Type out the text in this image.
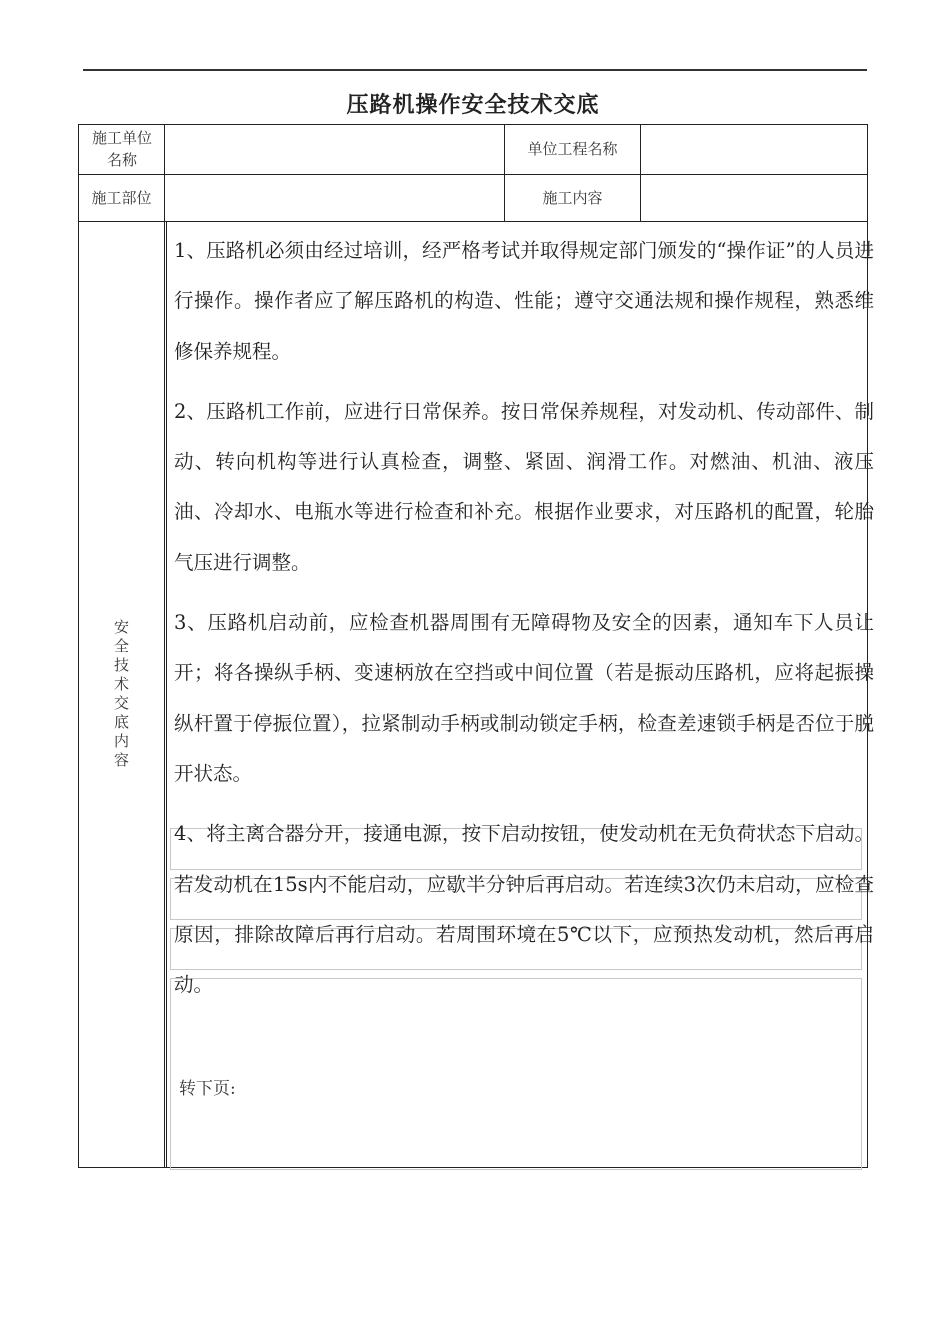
压路机操作安全技术交底
施工单位名称
单位工程名称
施工部位	施工内容
安全技术交底内容

1、压路机必须由经过培训，经严格考试并取得规定部门颁发的“操作证”的人员进行操作。操作者应了解压路机的构造、性能；遵守交通法规和操作规程，熟悉维修保养规程。

2、压路机工作前，应进行日常保养。按日常保养规程，对发动机、传动部件、制动、转向机构等进行认真检查，调整、紧固、润滑工作。对燃油、机油、液压油、冷却水、电瓶水等进行检查和补充。根据作业要求，对压路机的配置，轮胎气压进行调整。

3、压路机启动前，应检查机器周围有无障碍物及安全的因素，通知车下人员让开；将各操纵手柄、变速柄放在空挡或中间位置（若是振动压路机，应将起振操纵杆置于停振位置），拉紧制动手柄或制动锁定手柄，检查差速锁手柄是否位于脱开状态。

4、将主离合器分开，接通电源，按下启动按钮，使发动机在无负荷状态下启动。若发动机在15s内不能启动，应歇半分钟后再启动。若连续3次仍未启动，应检查原因，排除故障后再行启动。若周围环境在5℃以下，应预热发动机，然后再启动。

转下页:
